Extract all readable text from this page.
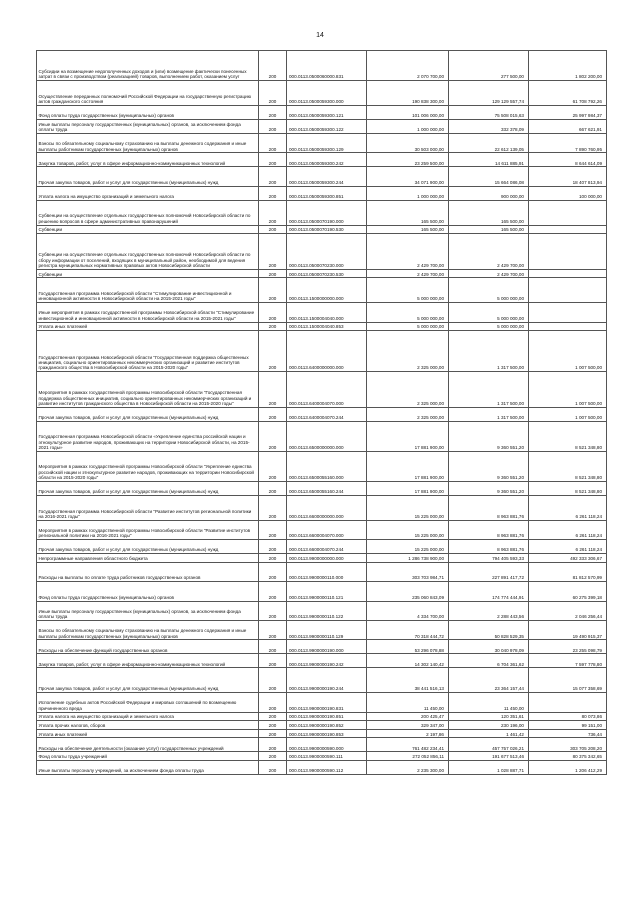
14
Субсидии на возмещение недополученных доходов и (или) возмещение фактически понесенных затрат в связи с производством (реализацией) товаров, выполнением работ, оказанием услуг	200	000.0113.0500060000.831	2 070 700,00	277 500,00	1 802 200,00
Осуществление переданных полномочий Российской Федерации на государственную регистрацию актов гражданского состояния	200	000.0113.0500059300.000	190 838 300,00	129 129 557,74	61 708 792,26
Фонд оплаты труда государственных (муниципальных) органов	200	000.0113.0500059300.121	101 006 000,00	75 508 015,63	25 997 984,37
Иные выплаты персоналу государственных (муниципальных) органов, за исключением фонда оплаты труда	200	000.0113.0500059300.122	1 000 000,00	332 378,09	667 621,91
Взносы по обязательному социальному страхованию на выплаты денежного содержания и иные выплаты работникам государственных (муниципальных) органов	200	000.0113.0500059300.129	30 503 000,00	22 612 139,05	7 890 760,95
Закупка товаров, работ, услуг в сфере информационно-коммуникационных технологий	200	000.0113.0500059300.242	23 259 500,00	14 611 885,91	8 644 614,09
Прочая закупка товаров, работ и услуг для государственных (муниципальных) нужд	200	000.0113.0500059300.244	34 071 900,00	15 664 086,08	18 407 813,94
Уплата налога на имущество организаций и земельного налога	200	000.0113.0500059300.851	1 000 000,00	900 000,00	100 000,00
Субвенции на осуществление отдельных государственных полномочий Новосибирской области по решению вопросов в сфере административных правонарушений	200	000.0113.0500070190.000	165 500,00	165 500,00	
Субвенции	200	000.0113.0500070190.530	165 500,00	165 500,00	
Субвенции на осуществление отдельных государственных полномочий Новосибирской области по сбору информации от поселений, входящих в муниципальный район, необходимой для ведения регистра муниципальных нормативных правовых актов Новосибирской области	200	000.0113.0500070230.000	2 429 700,00	2 429 700,00	
Субвенции	200	000.0113.0500070230.530	2 429 700,00	2 429 700,00	
Государственная программа Новосибирской области "Стимулирование инвестиционной и инновационной активности в Новосибирской области на 2015-2021 годы"	200	000.0113.1500000000.000	5 000 000,00	5 000 000,00	
Иные мероприятия в рамках государственной программы Новосибирской области "Стимулирование инвестиционной и инновационной активности в Новосибирской области на 2015-2021 годы"	200	000.0113.1500004040.000	5 000 000,00	5 000 000,00	
Уплата иных платежей	200	000.0113.1500004040.853	5 000 000,00	5 000 000,00	
Государственная программа Новосибирской области "Государственная поддержка общественных инициатив, социально ориентированных некоммерческих организаций и развитие институтов гражданского общества в Новосибирской области на 2015-2020 годы"	200	000.0113.6400000000.000	2 325 000,00	1 317 500,00	1 007 500,00
Мероприятия в рамках государственной программы Новосибирской области "Государственная поддержка общественных инициатив, социально ориентированных некоммерческих организаций и развитие институтов гражданского общества в Новосибирской области на 2015-2020 годы"	200	000.0113.6400004070.000	2 325 000,00	1 317 500,00	1 007 500,00
Прочая закупка товаров, работ и услуг для государственных (муниципальных) нужд	200	000.0113.6400004070.244	2 325 000,00	1 317 500,00	1 007 500,00
Государственная программа Новосибирской области «Укрепление единства российской нации и этнокультурное развитие народов, проживающих на территории Новосибирской области, на 2015-2021 годы»	200	000.0113.6500000000.000	17 881 900,00	9 360 551,20	8 521 348,80
Мероприятия в рамках государственной программы Новосибирской области "Укрепление единства российской нации и этнокультурное развитие народов, проживающих на территории Новосибирской области на 2015-2020 годы"	200	000.0113.6500055160.000	17 881 900,00	9 360 551,20	8 521 348,80
Прочая закупка товаров, работ и услуг для государственных (муниципальных) нужд	200	000.0113.6500055160.244	17 881 900,00	9 360 551,20	8 521 348,80
Государственная программа Новосибирской области "Развитие институтов региональной политики на 2016-2021 годы"	200	000.0113.6600000000.000	15 225 000,00	8 963 881,76	6 261 118,24
Мероприятия в рамках государственной программы Новосибирской области "Развитие институтов региональной политики на 2016-2021 годы"	200	000.0113.6600004070.000	15 225 000,00	8 963 881,76	6 261 118,24
Прочая закупка товаров, работ и услуг для государственных (муниципальных) нужд	200	000.0113.6600004070.244	15 225 000,00	8 963 881,76	6 261 118,24
Непрограммные направления областного бюджета	200	000.0113.9900000000.000	1 286 738 900,00	794 405 593,33	492 333 306,67
Расходы на выплаты по оплате труда работников государственных органов	200	000.0113.9900000110.000	303 703 984,71	227 891 417,72	81 812 570,99
Фонд оплаты труда государственных (муниципальных) органов	200	000.0113.9900000110.121	235 060 843,09	174 774 444,91	60 275 399,18
Иные выплаты персоналу государственных (муниципальных) органов, за исключением фонда оплаты труда	200	000.0113.9900000110.122	4 334 700,00	2 288 443,56	2 046 256,44
Взносы по обязательному социальному страхованию на выплаты денежного содержания и иные выплаты работникам государственных (муниципальных) органов	200	000.0113.9900000110.129	70 318 444,72	50 828 529,35	19 490 915,37
Расходы на обеспечение функций государственных органов	200	000.0113.9900000190.000	53 296 078,88	30 040 978,09	23 255 098,79
Закупка товаров, работ, услуг в сфере информационно-коммуникационных технологий	200	000.0113.9900000190.242	14 302 140,42	6 704 361,62	7 597 778,80
Прочая закупка товаров, работ и услуг для государственных (муниципальных) нужд	200	000.0113.9900000190.244	38 441 516,13	23 364 157,44	15 077 358,69
Исполнение судебных актов Российской Федерации и мировых соглашений по возмещению причиненного вреда	200	000.0113.9900000190.831	11 450,00	11 450,00	
Уплата налога на имущество организаций и земельного налога	200	000.0113.9900000190.851	200 425,47	120 351,61	80 073,86
Уплата прочих налогов, сборов	200	000.0113.9900000190.852	329 347,00	230 196,00	99 151,00
Уплата иных платежей	200	000.0113.9900000190.853	2 197,86	1 461,42	736,44
Расходы на обеспечение деятельности (оказание услуг) государственных учреждений	200	000.0113.9900000590.000	761 482 234,41	457 757 026,21	303 705 208,20
Фонд оплаты труда учреждений	200	000.0113.9900000590.111	272 052 856,11	191 677 513,46	80 375 342,65
Иные выплаты персоналу учреждений, за исключением фонда оплаты труда	200	000.0113.9900000590.112	2 235 300,00	1 028 887,71	1 206 412,29
